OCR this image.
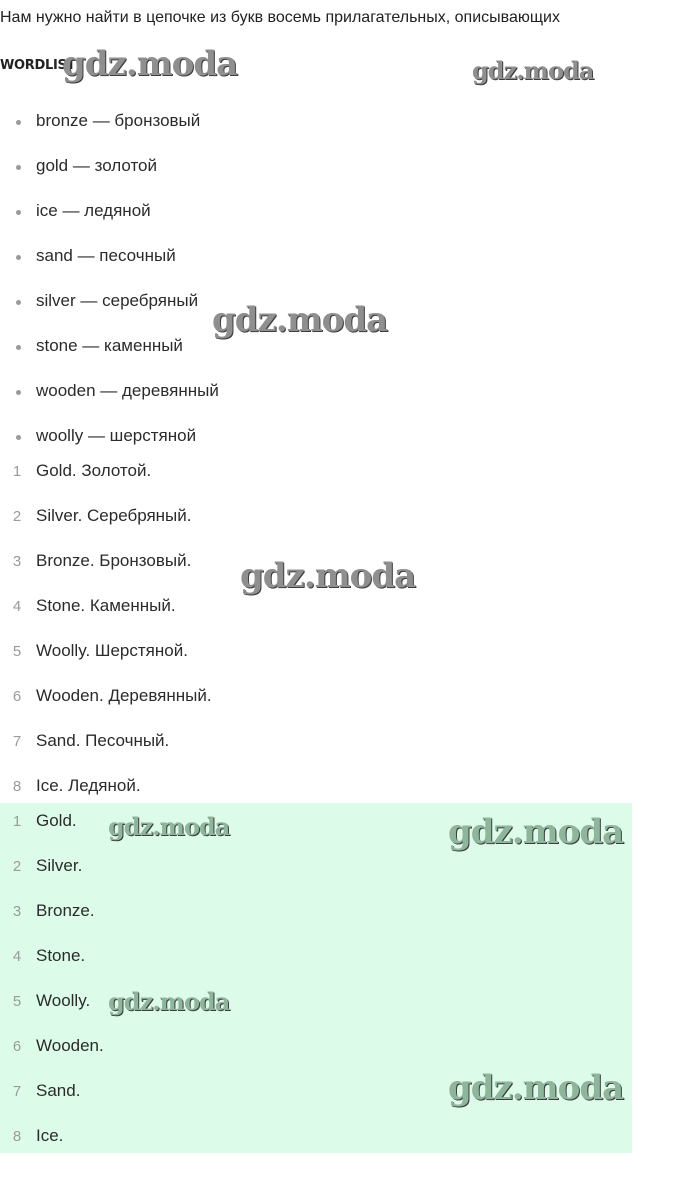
Нам нужно найти в цепочке из букв восемь прилагательных, описывающих
WORDLIST
bronze — бронзовый
gold — золотой
ice — ледяной
sand — песочный
silver — серебряный
stone — каменный
wooden — деревянный
woolly — шерстяной
1 Gold. Золотой.
2 Silver. Серебряный.
3 Bronze. Бронзовый.
4 Stone. Каменный.
5 Woolly. Шерстяной.
6 Wooden. Деревянный.
7 Sand. Песочный.
8 Ice. Ледяной.
1 Gold.
2 Silver.
3 Bronze.
4 Stone.
5 Woolly.
6 Wooden.
7 Sand.
8 Ice.
gdz.moda	gdz.moda
gdz.moda
gdz.moda
gdz.moda	gdz.moda
gdz.moda
gdz.moda
